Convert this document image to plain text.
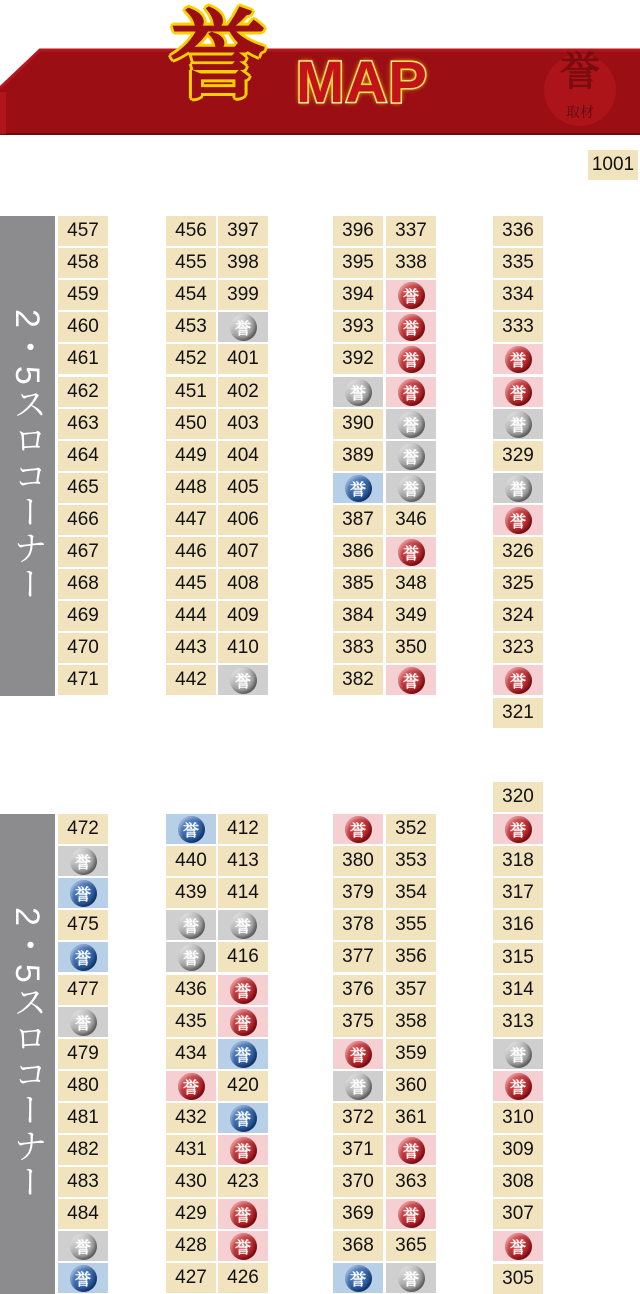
誉 MAP	誉
取材
1001
2・5スロコーナー
2・5スロコーナー
457
458
459
460
461
462
463
464
465
466
467
468
469
470
471
456
455
454
453
452
451
450
449
448
447
446
445
444
443
442
397
398
399
誉
401
402
403
404
405
406
407
408
409
410
誉
396
395
394
393
392
誉
390
389
誉
387
386
385
384
383
382
337
338
誉
誉
誉
誉
誉
誉
誉
346
誉
348
349
350
誉
336
335
334
333
誉
誉
誉
329
誉
誉
326
325
324
323
誉
321
472
誉
誉
475
誉
477
誉
479
480
481
482
483
484
誉
誉
誉
440
439
誉
誉
436
435
434
誉
432
431
430
429
428
427
412
413
414
誉
416
誉
誉
誉
420
誉
誉
423
誉
誉
426
誉
380
379
378
377
376
375
誉
誉
372
371
370
369
368
誉
352
353
354
355
356
357
358
359
360
361
誉
363
誉
365
誉
320
誉
318
317
316
315
314
313
誉
誉
310
309
308
307
誉
305
